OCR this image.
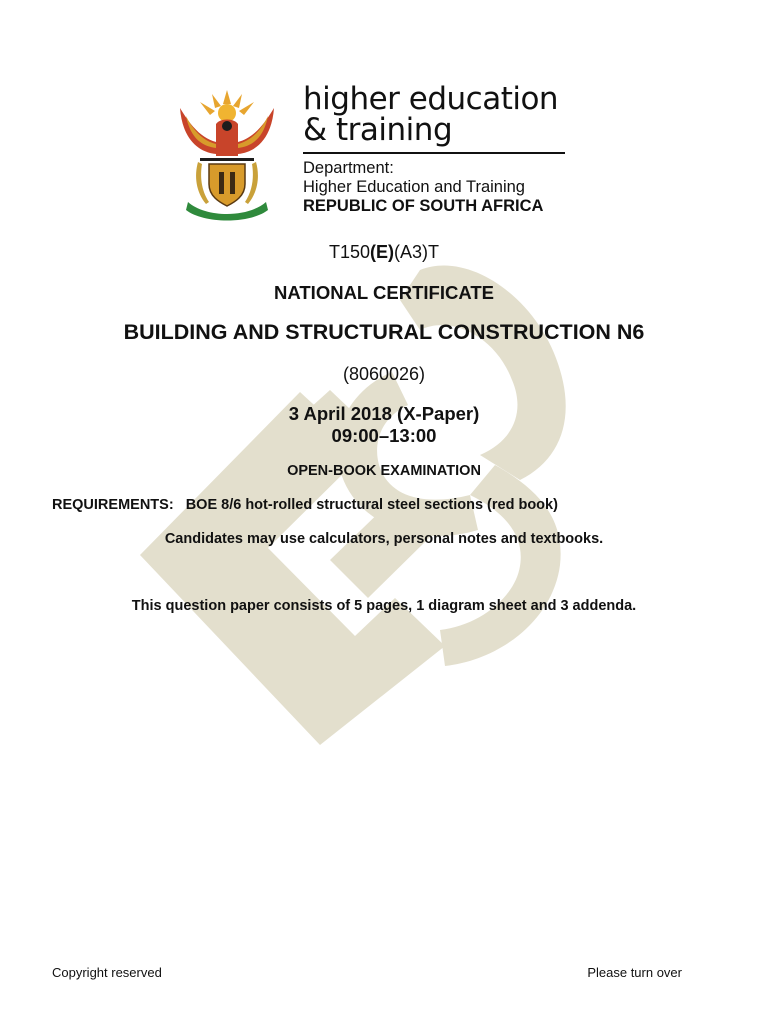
higher education
& training
Department:
Higher Education and Training
REPUBLIC OF SOUTH AFRICA
T150(E)(A3)T
NATIONAL CERTIFICATE
BUILDING AND STRUCTURAL CONSTRUCTION N6
(8060026)
3 April 2018 (X-Paper)
09:00–13:00
OPEN-BOOK EXAMINATION
REQUIREMENTS: BOE 8/6 hot-rolled structural steel sections (red book)
Candidates may use calculators, personal notes and textbooks.
This question paper consists of 5 pages, 1 diagram sheet and 3 addenda.
Copyright reserved	Please turn over
